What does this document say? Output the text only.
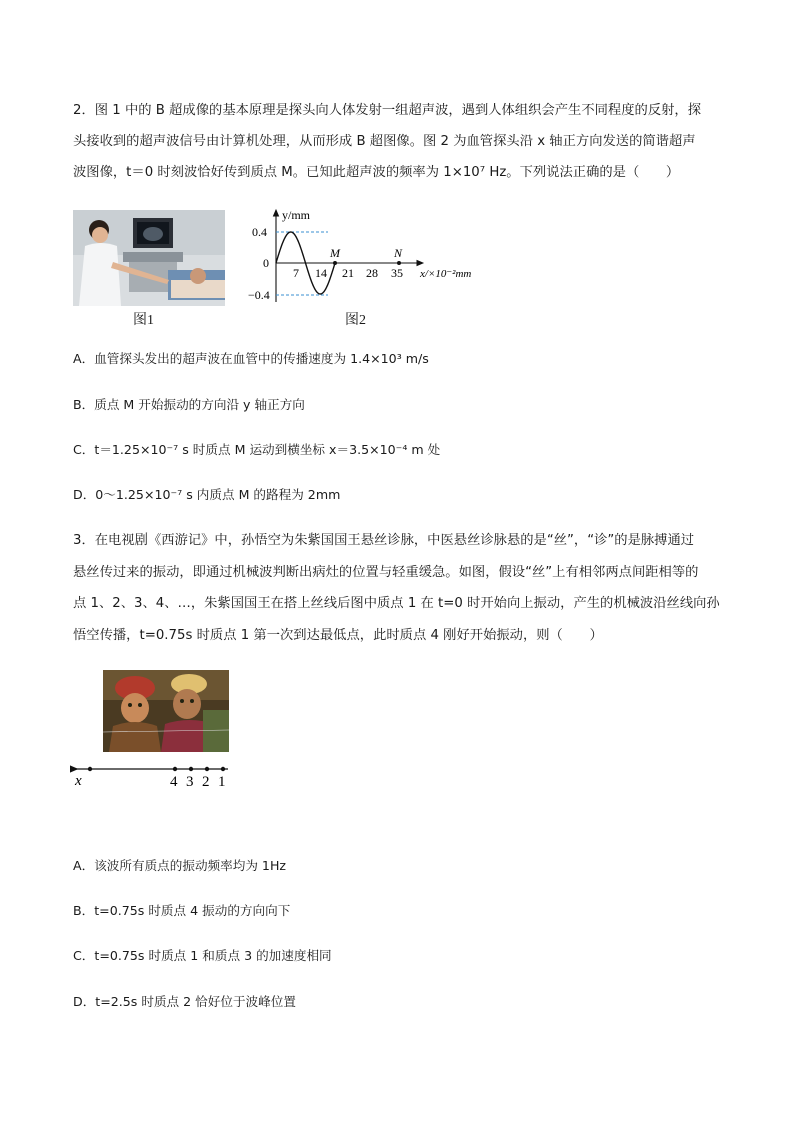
2．图 1 中的 B 超成像的基本原理是探头向人体发射一组超声波，遇到人体组织会产生不同程度的反射，探
头接收到的超声波信号由计算机处理，从而形成 B 超图像。图 2 为血管探头沿 x 轴正方向发送的简谐超声
波图像，t＝0 时刻波恰好传到质点 M。已知此超声波的频率为 1×10⁷ Hz。下列说法正确的是（　　）
图1
y/mm
0.4
0
−0.4
7 14 21 28 35
M	N
x/×10⁻²mm
图2
A．血管探头发出的超声波在血管中的传播速度为 1.4×10³ m/s
B．质点 M 开始振动的方向沿 y 轴正方向
C．t＝1.25×10⁻⁷ s 时质点 M 运动到横坐标 x＝3.5×10⁻⁴ m 处
D．0～1.25×10⁻⁷ s 内质点 M 的路程为 2mm
3．在电视剧《西游记》中，孙悟空为朱紫国国王悬丝诊脉，中医悬丝诊脉悬的是“丝”，“诊”的是脉搏通过
悬丝传过来的振动，即通过机械波判断出病灶的位置与轻重缓急。如图，假设“丝”上有相邻两点间距相等的
点 1、2、3、4、…，朱紫国国王在搭上丝线后图中质点 1 在 t=0 时开始向上振动，产生的机械波沿丝线向孙
悟空传播，t=0.75s 时质点 1 第一次到达最低点，此时质点 4 刚好开始振动，则（　　）
x	4 3 2 1
A．该波所有质点的振动频率均为 1Hz
B．t=0.75s 时质点 4 振动的方向向下
C．t=0.75s 时质点 1 和质点 3 的加速度相同
D．t=2.5s 时质点 2 恰好位于波峰位置
